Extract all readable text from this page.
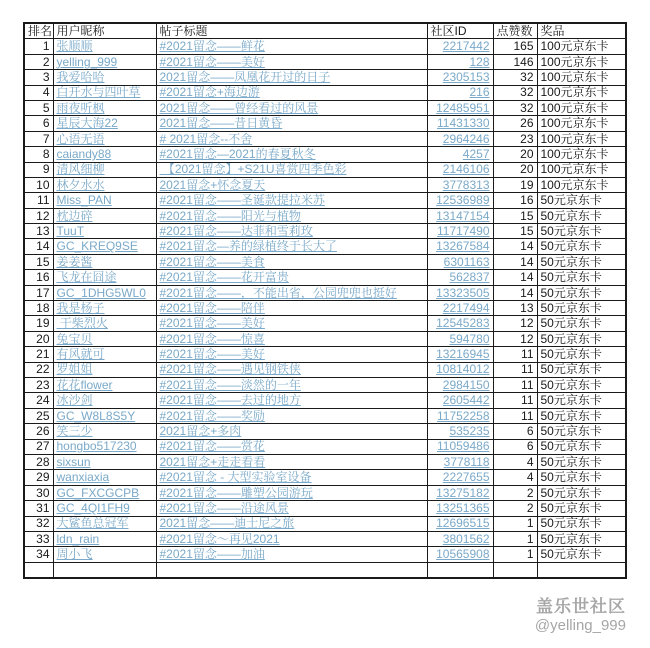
排名	用户昵称	帖子标题	社区ID	点赞数	奖品
1	张顺顺	#2021留念——鲜花	2217442	165	100元京东卡
2	yelling_999	#2021留念——美好	128	146	100元京东卡
3	我爱哈哈	2021留念——凤凰花开过的日子	2305153	32	100元京东卡
4	白开水与四叶草	#2021留念+海边游	216	32	100元京东卡
5	雨夜听枫	2021留念——曾经看过的风景	12485951	32	100元京东卡
6	星辰大海22	2021留念——昔日黄昏	11431330	26	100元京东卡
7	心语无语	# 2021留念--不舍	2964246	23	100元京东卡
8	caiandy88	#2021留念—2021的春夏秋冬	4257	20	100元京东卡
9	清风细柳	【2021留念】+S21U喜赏四季色彩	2146106	20	100元京东卡
10	林夕水水	2021留念+怀念夏天	3778313	19	100元京东卡
11	Miss_PAN	#2021留念——圣诞款提拉米苏	12536989	16	50元京东卡
12	枕边碎	#2021留念——阳光与植物	13147154	15	50元京东卡
13	TuuT	#2021留念——达菲和雪莉玫	11717490	15	50元京东卡
14	GC_KREQ9SE	#2021留念—养的绿植终于长大了	13267584	14	50元京东卡
15	姜姜酱	#2021留念——美食	6301163	14	50元京东卡
16	飞龙在囧途	#2021留念——花开富贵	562837	14	50元京东卡
17	GC_1DHG5WL0	#2021留念——，不能出省，公园兜兜也挺好	13323505	14	50元京东卡
18	我是杨子	#2021留念——陪伴	2217494	13	50元京东卡
19	干柴烈火	#2021留念——美好	12545283	12	50元京东卡
20	兔宝贝	#2021留念——惊喜	594780	12	50元京东卡
21	有风就可	#2021留念——美好	13216945	11	50元京东卡
22	罗姐姐	#2021留念——遇见钢铁侠	10814012	11	50元京东卡
23	花花flower	#2021留念——淡然的一年	2984150	11	50元京东卡
24	冰沙剑	#2021留念——去过的地方	2605442	11	50元京东卡
25	GC_W8L8S5Y	#2021留念——奖励	11752258	11	50元京东卡
26	笑三少	2021留念+多肉	535235	6	50元京东卡
27	hongbo517230	#2021留念——赏花	11059486	6	50元京东卡
28	sixsun	2021留念+走走看看	3778118	4	50元京东卡
29	wanxiaxia	#2021留念 - 大型实验室设备	2227655	4	50元京东卡
30	GC_FXCGCPB	#2021留念——雕塑公园游玩	13275182	2	50元京东卡
31	GC_4QI1FH9	#2021留念——沿途风景	13251365	2	50元京东卡
32	大鲨鱼总冠军	2021留念——迪士尼之旅	12696515	1	50元京东卡
33	ldn_rain	#2021留念～再见2021	3801562	1	50元京东卡
34	周小飞	#2021留念——加油	10565908	1	50元京东卡

盖乐世社区
@yelling_999
